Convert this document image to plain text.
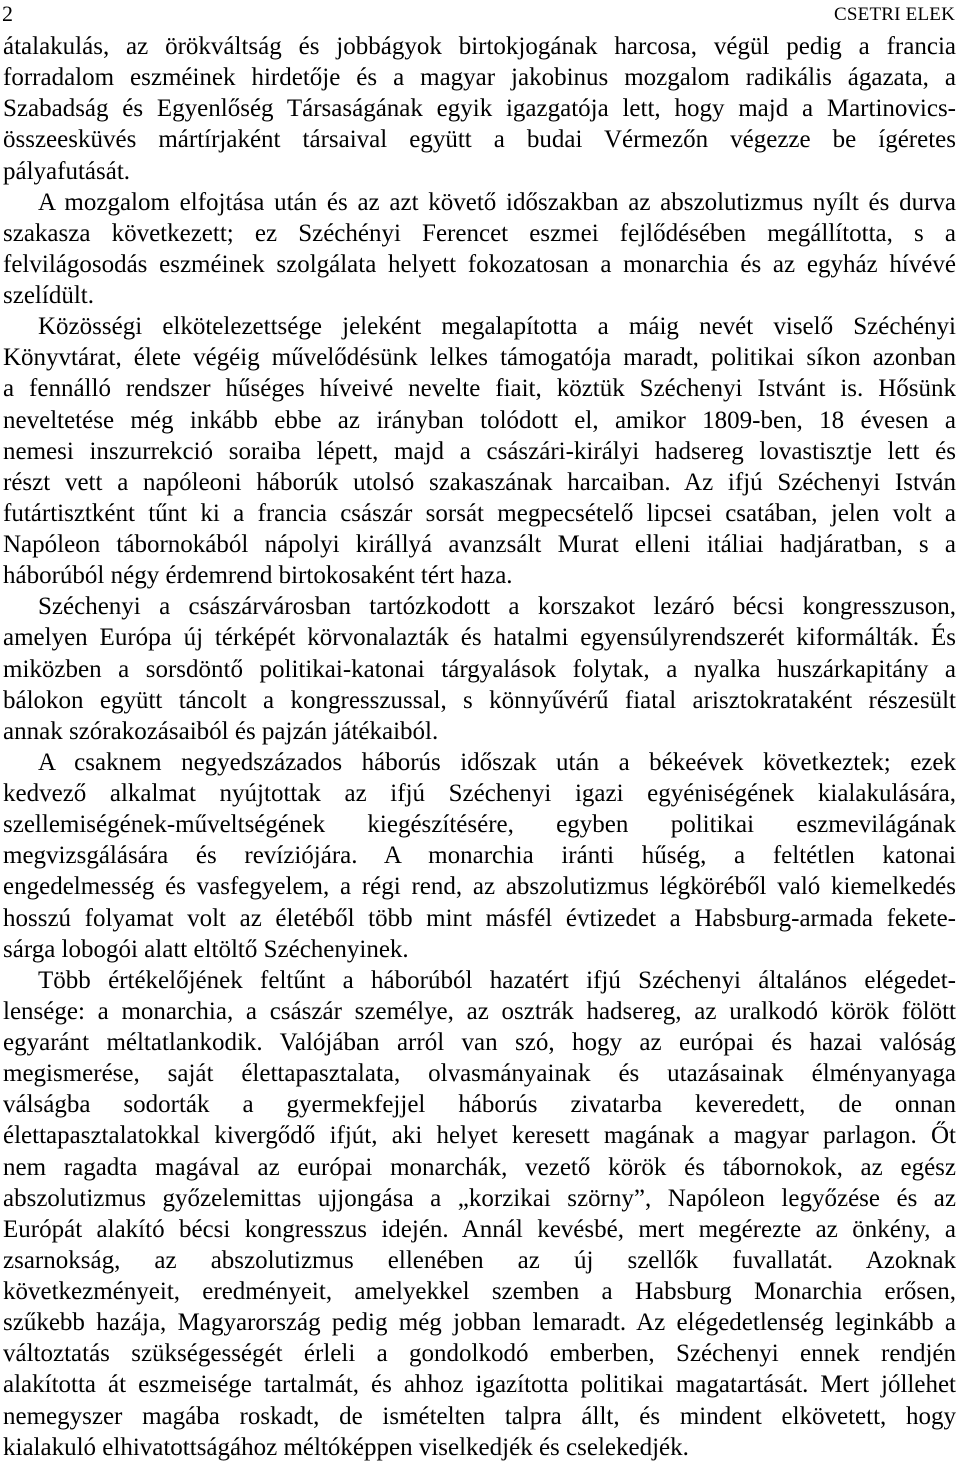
2	CSETRI ELEK
átalakulás, az örökváltság és jobbágyok birtokjogának harcosa, végül pedig a francia
forradalom eszméinek hirdetője és a magyar jakobinus mozgalom radikális ágazata, a
Szabadság és Egyenlőség Társaságának egyik igazgatója lett, hogy majd a Martinovics-
összeesküvés mártírjaként társaival együtt a budai Vérmezőn végezze be ígéretes
pályafutását.
A mozgalom elfojtása után és az azt követő időszakban az abszolutizmus nyílt és durva
szakasza következett; ez Széchényi Ferencet eszmei fejlődésében megállította, s a
felvilágosodás eszméinek szolgálata helyett fokozatosan a monarchia és az egyház hívévé
szelídült.
Közösségi elkötelezettsége jeleként megalapította a máig nevét viselő Széchényi
Könyvtárat, élete végéig művelődésünk lelkes támogatója maradt, politikai síkon azonban
a fennálló rendszer hűséges híveivé nevelte fiait, köztük Széchenyi Istvánt is. Hősünk
neveltetése még inkább ebbe az irányban tolódott el, amikor 1809-ben, 18 évesen a
nemesi inszurrekció soraiba lépett, majd a császári-királyi hadsereg lovastisztje lett és
részt vett a napóleoni háborúk utolsó szakaszának harcaiban. Az ifjú Széchenyi István
futártisztként tűnt ki a francia császár sorsát megpecsételő lipcsei csatában, jelen volt a
Napóleon tábornokából nápolyi királlyá avanzsált Murat elleni itáliai hadjáratban, s a
háborúból négy érdemrend birtokosaként tért haza.
Széchenyi a császárvárosban tartózkodott a korszakot lezáró bécsi kongresszuson,
amelyen Európa új térképét körvonalazták és hatalmi egyensúlyrendszerét kiformálták. És
miközben a sorsdöntő politikai-katonai tárgyalások folytak, a nyalka huszárkapitány a
bálokon együtt táncolt a kongresszussal, s könnyűvérű fiatal arisztokrataként részesült
annak szórakozásaiból és pajzán játékaiból.
A csaknem negyedszázados háborús időszak után a békeévek következtek; ezek
kedvező alkalmat nyújtottak az ifjú Széchenyi igazi egyéniségének kialakulására,
szellemiségének-műveltségének kiegészítésére, egyben politikai eszmevilágának
megvizsgálására és revíziójára. A monarchia iránti hűség, a feltétlen katonai
engedelmesség és vasfegyelem, a régi rend, az abszolutizmus légköréből való kiemelkedés
hosszú folyamat volt az életéből több mint másfél évtizedet a Habsburg-armada fekete-
sárga lobogói alatt eltöltő Széchenyinek.
Több értékelőjének feltűnt a háborúból hazatért ifjú Széchenyi általános elégedet-
lensége: a monarchia, a császár személye, az osztrák hadsereg, az uralkodó körök fölött
egyaránt méltatlankodik. Valójában arról van szó, hogy az európai és hazai valóság
megismerése, saját élettapasztalata, olvasmányainak és utazásainak élményanyaga
válságba sodorták a gyermekfejjel háborús zivatarba keveredett, de onnan
élettapasztalatokkal kivergődő ifjút, aki helyet keresett magának a magyar parlagon. Őt
nem ragadta magával az európai monarchák, vezető körök és tábornokok, az egész
abszolutizmus győzelemittas ujjongása a „korzikai szörny”, Napóleon legyőzése és az
Európát alakító bécsi kongresszus idején. Annál kevésbé, mert megérezte az önkény, a
zsarnokság, az abszolutizmus ellenében az új szellők fuvallatát. Azoknak
következményeit, eredményeit, amelyekkel szemben a Habsburg Monarchia erősen,
szűkebb hazája, Magyarország pedig még jobban lemaradt. Az elégedetlenség leginkább a
változtatás szükségességét érleli a gondolkodó emberben, Széchenyi ennek rendjén
alakította át eszmeisége tartalmát, és ahhoz igazította politikai magatartását. Mert jóllehet
nemegyszer magába roskadt, de ismételten talpra állt, és mindent elkövetett, hogy
kialakuló elhivatottságához méltóképpen viselkedjék és cselekedjék.
